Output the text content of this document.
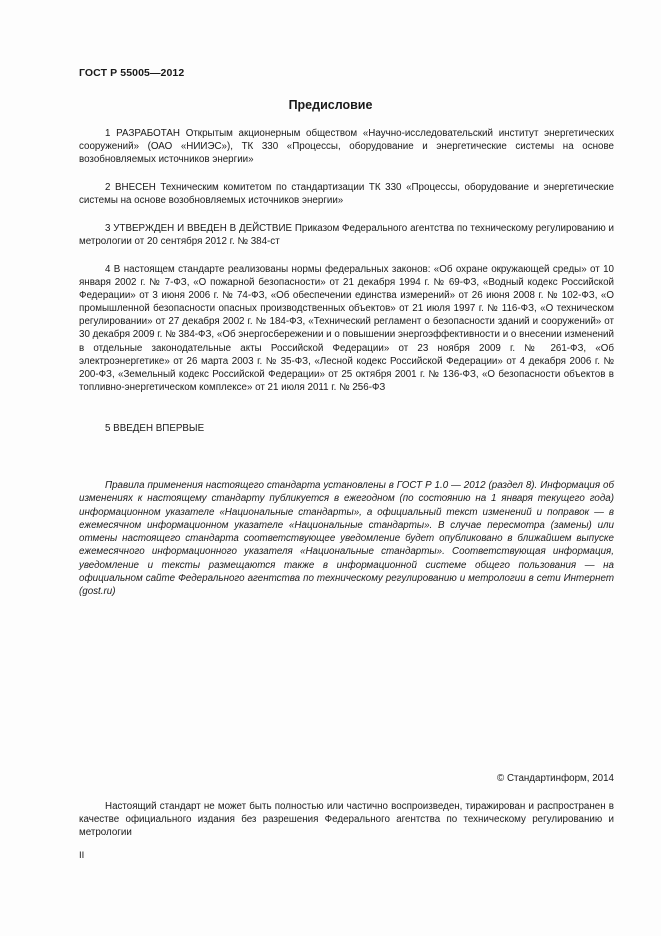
ГОСТ Р 55005—2012
Предисловие

1 РАЗРАБОТАН Открытым акционерным обществом «Научно-исследовательский институт энергетических сооружений» (ОАО «НИИЭС»), ТК 330 «Процессы, оборудование и энергетические системы на основе возобновляемых источников энергии»

2 ВНЕСЕН Техническим комитетом по стандартизации ТК 330 «Процессы, оборудование и энергетические системы на основе возобновляемых источников энергии»

3 УТВЕРЖДЕН И ВВЕДЕН В ДЕЙСТВИЕ Приказом Федерального агентства по техническому регулированию и метрологии от 20 сентября 2012 г. № 384-ст

4 В настоящем стандарте реализованы нормы федеральных законов: «Об охране окружающей среды» от 10 января 2002 г. № 7-ФЗ, «О пожарной безопасности» от 21 декабря 1994 г. № 69-ФЗ, «Водный кодекс Российской Федерации» от 3 июня 2006 г. № 74-ФЗ, «Об обеспечении единства измерений» от 26 июня 2008 г. № 102-ФЗ, «О промышленной безопасности опасных производственных объектов» от 21 июля 1997 г. № 116-ФЗ, «О техническом регулировании» от 27 декабря 2002 г. № 184-ФЗ, «Технический регламент о безопасности зданий и сооружений» от 30 декабря 2009 г. № 384-ФЗ, «Об энергосбережении и о повышении энергоэффективности и о внесении изменений в отдельные законодательные акты Российской Федерации» от 23 ноября 2009 г. № 261-ФЗ, «Об электроэнергетике» от 26 марта 2003 г. № 35-ФЗ, «Лесной кодекс Российской Федерации» от 4 декабря 2006 г. № 200-ФЗ, «Земельный кодекс Российской Федерации» от 25 октября 2001 г. № 136-ФЗ, «О безопасности объектов в топливно-энергетическом комплексе» от 21 июля 2011 г. № 256-ФЗ

5 ВВЕДЕН ВПЕРВЫЕ

Правила применения настоящего стандарта установлены в ГОСТ Р 1.0 — 2012 (раздел 8). Информация об изменениях к настоящему стандарту публикуется в ежегодном (по состоянию на 1 января текущего года) информационном указателе «Национальные стандарты», а официальный текст изменений и поправок — в ежемесячном информационном указателе «Национальные стандарты». В случае пересмотра (замены) или отмены настоящего стандарта соответствующее уведомление будет опубликовано в ближайшем выпуске ежемесячного информационного указателя «Национальные стандарты». Соответствующая информация, уведомление и тексты размещаются также в информационной системе общего пользования — на официальном сайте Федерального агентства по техническому регулированию и метрологии в сети Интернет (gost.ru)

© Стандартинформ, 2014

Настоящий стандарт не может быть полностью или частично воспроизведен, тиражирован и распространен в качестве официального издания без разрешения Федерального агентства по техническому регулированию и метрологии

II
